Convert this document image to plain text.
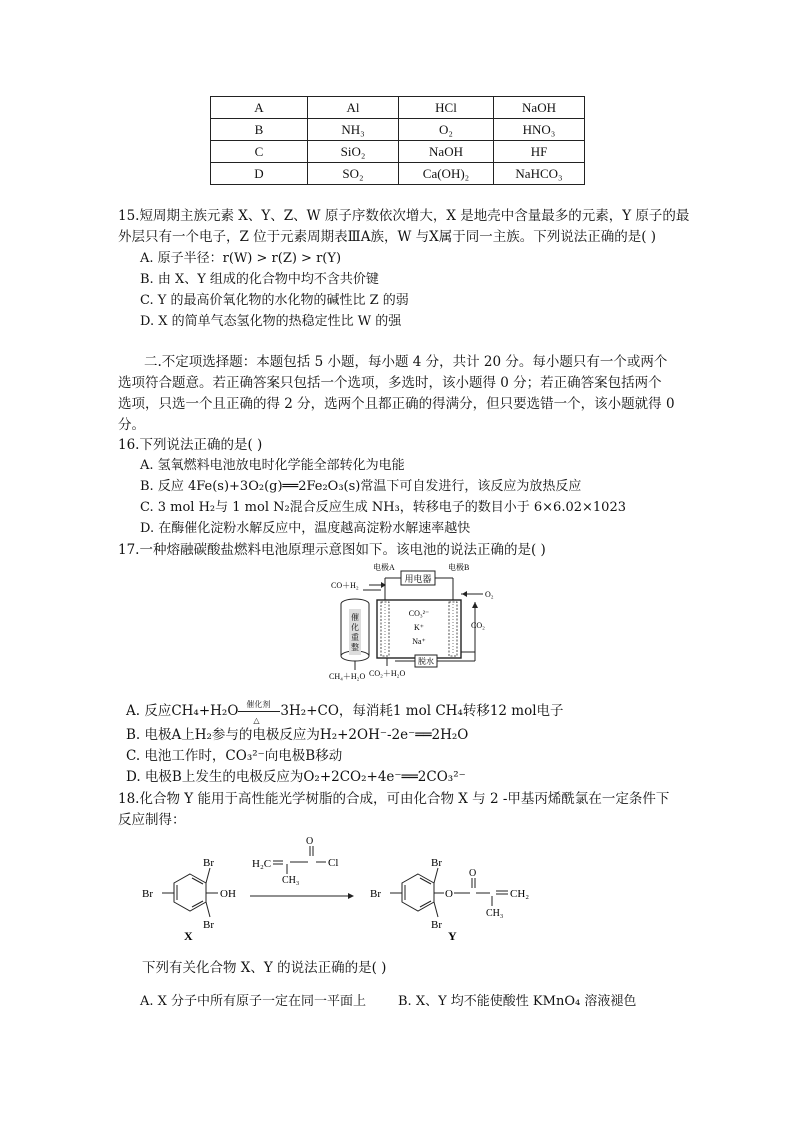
A	Al	HCl	NaOH
B	NH₃	O₂	HNO₃
C	SiO₂	NaOH	HF
D	SO₂	Ca(OH)₂	NaHCO₃
15.短周期主族元素 X、Y、Z、W 原子序数依次增大，X 是地壳中含量最多的元素，Y 原子的最
外层只有一个电子，Z 位于元素周期表ⅢA族，W 与X属于同一主族。下列说法正确的是( )
A. 原子半径：r(W) > r(Z) > r(Y)
B. 由 X、Y 组成的化合物中均不含共价键
C. Y 的最高价氧化物的水化物的碱性比 Z 的弱
D. X 的简单气态氢化物的热稳定性比 W 的强
二.不定项选择题：本题包括 5 小题，每小题 4 分，共计 20 分。每小题只有一个或两个
选项符合题意。若正确答案只包括一个选项，多选时，该小题得 0 分；若正确答案包括两个
选项，只选一个且正确的得 2 分，选两个且都正确的得满分，但只要选错一个，该小题就得 0
分。
16.下列说法正确的是( )
A. 氢氧燃料电池放电时化学能全部转化为电能
B. 反应 4Fe(s)+3O₂(g)══2Fe₂O₃(s)常温下可自发进行，该反应为放热反应
C. 3 mol H₂与 1 mol N₂混合反应生成 NH₃，转移电子的数目小于 6×6.02×1023
D. 在酶催化淀粉水解反应中，温度越高淀粉水解速率越快
17.一种熔融碳酸盐燃料电池原理示意图如下。该电池的说法正确的是( )
用电器
电极A	电极B
CO＋H₂
催
化
重
整
CH₄＋H₂O
CO₃²⁻
K⁺
Na⁺
O₂
CO₂
CO₂＋H₂O
脱水
A. 反应CH₄+H₂O 催化剂
△
3H₂+CO，每消耗1 mol CH₄转移12 mol电子
B. 电极A上H₂参与的电极反应为H₂+2OH⁻-2e⁻══2H₂O
C. 电池工作时，CO₃²⁻向电极B移动
D. 电极B上发生的电极反应为O₂+2CO₂+4e⁻══2CO₃²⁻
18.化合物 Y 能用于高性能光学树脂的合成，可由化合物 X 与 2 -甲基丙烯酰氯在一定条件下
反应制得：
Br
Br
Br	OH
X
H₂C
CH₃
O
Cl	Br
Br
Br	O
O
CH₃
CH₂
Y
下列有关化合物 X、Y 的说法正确的是( )
A. X 分子中所有原子一定在同一平面上 B. X、Y 均不能使酸性 KMnO₄ 溶液褪色
